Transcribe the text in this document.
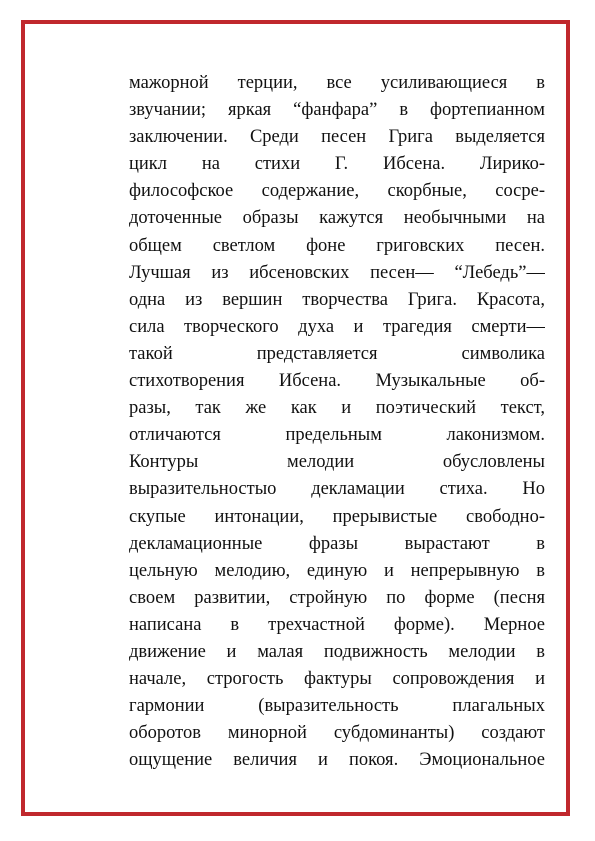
мажорной терции, все усиливающиеся в
звучании; яркая “фанфара” в фортепианном
заключении. Среди песен Грига выделяется
цикл на стихи Г. Ибсена. Лирико-
философское содержание, скорбные, сосре-
доточенные образы кажутся необычными на
общем светлом фоне григовских песен.
Лучшая из ибсеновских песен— “Лебедь”—
одна из вершин творчества Грига. Красота,
сила творческого духа и трагедия смерти—
такой представляется символика
стихотворения Ибсена. Музыкальные об-
разы, так же как и поэтический текст,
отличаются предельным лаконизмом.
Контуры мелодии обусловлены
выразительностыо декламации стиха. Но
скупые интонации, прерывистые свободно-
декламационные фразы вырастают в
цельную мелодию, единую и непрерывную в
своем развитии, стройную по форме (песня
написана в трехчастной форме). Мерное
движение и малая подвижность мелодии в
начале, строгость фактуры сопровождения и
гармонии (выразительность плагальных
оборотов минорной субдоминанты) создают
ощущение величия и покоя. Эмоциональное
